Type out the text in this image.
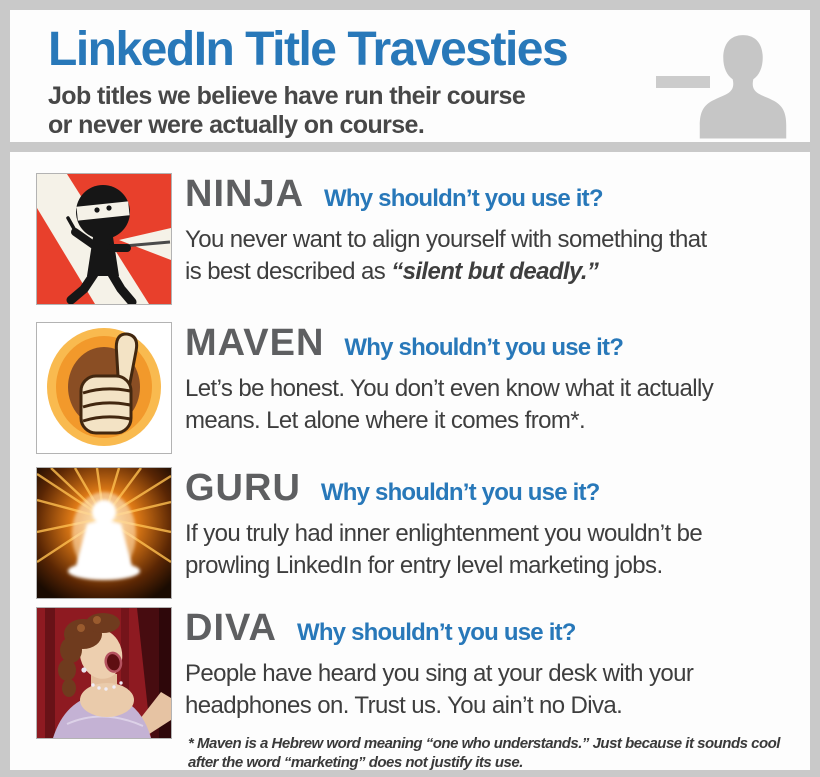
LinkedIn Title Travesties
Job titles we believe have run their course
or never were actually on course.
NINJA Why shouldn’t you use it?
You never want to align yourself with something that
is best described as “silent but deadly.”
MAVEN Why shouldn’t you use it?
Let’s be honest. You don’t even know what it actually
means. Let alone where it comes from*.
GURU Why shouldn’t you use it?
If you truly had inner enlightenment you wouldn’t be
prowling LinkedIn for entry level marketing jobs.
DIVA Why shouldn’t you use it?
People have heard you sing at your desk with your
headphones on. Trust us. You ain’t no Diva.
* Maven is a Hebrew word meaning “one who understands.” Just because it sounds cool
after the word “marketing” does not justify its use.
